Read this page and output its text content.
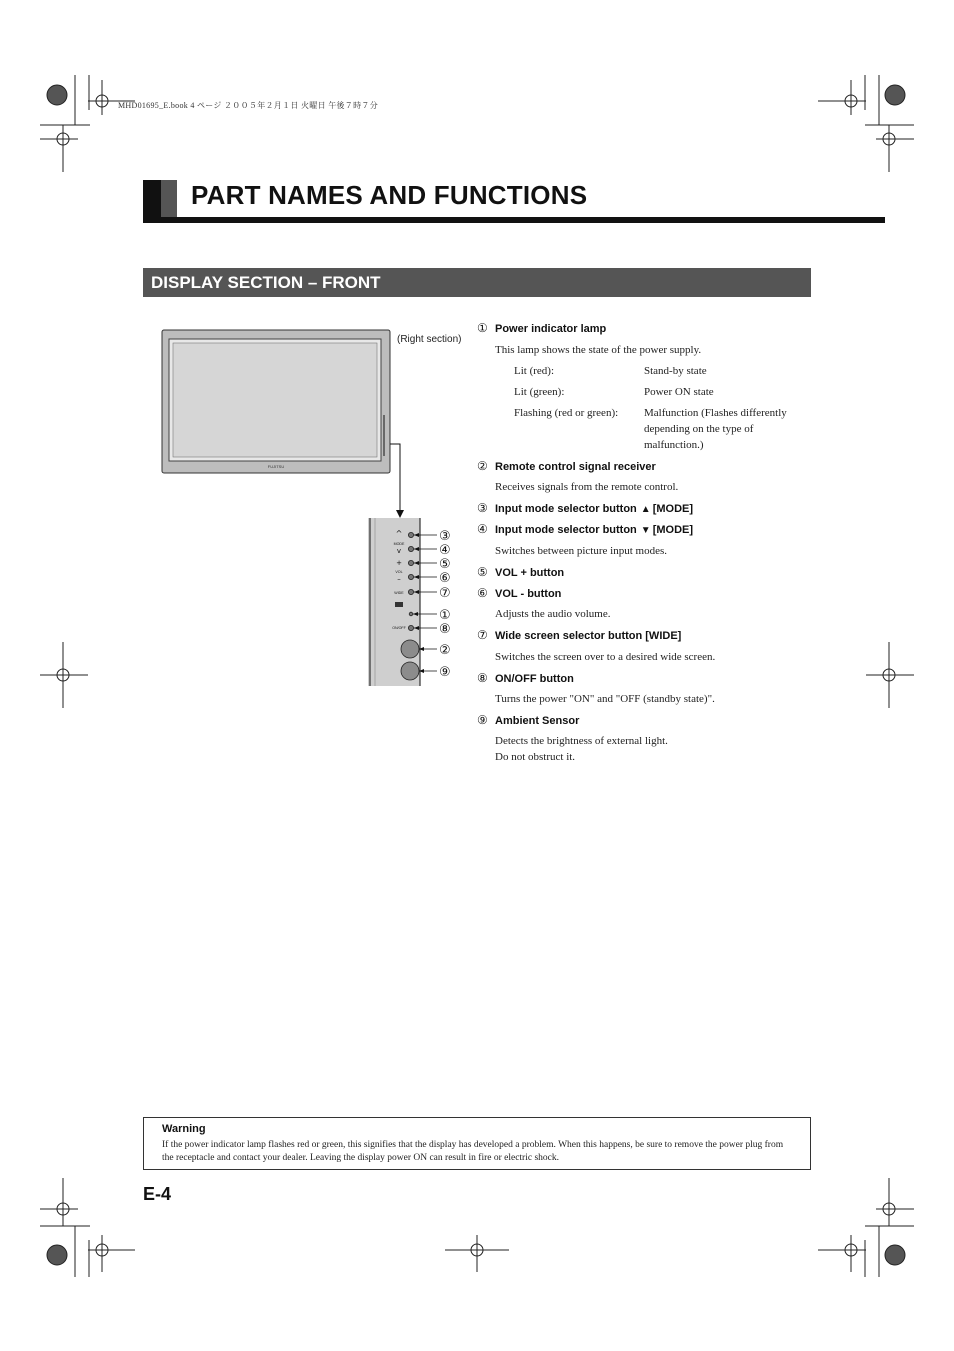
MHD01695_E.book 4 ページ ２００５年２月１日 火曜日 午後７時７分
PART NAMES AND FUNCTIONS
DISPLAY SECTION – FRONT
FUJITSU
^
MODE
v
+
VOL
–
WIDE
ON/OFF
③
④
⑤
⑥
⑦
①
⑧
②
⑨
(Right section)
① Power indicator lamp
This lamp shows the state of the power supply.
Lit (red):	Stand-by state
Lit (green):	Power ON state
Flashing (red or green): Malfunction (Flashes differently depending on the type of malfunction.)
② Remote control signal receiver
Receives signals from the remote control.
③ Input mode selector button ▲ [MODE]
④ Input mode selector button ▼ [MODE]
Switches between picture input modes.
⑤ VOL + button
⑥ VOL - button
Adjusts the audio volume.
⑦ Wide screen selector button [WIDE]
Switches the screen over to a desired wide screen.
⑧ ON/OFF button
Turns the power "ON" and "OFF (standby state)".
⑨ Ambient Sensor
Detects the brightness of external light.
Do not obstruct it.
Warning
If the power indicator lamp flashes red or green, this signifies that the display has developed a problem. When this happens, be sure to remove the power plug from the receptacle and contact your dealer. Leaving the display power ON can result in fire or electric shock.
E-4
